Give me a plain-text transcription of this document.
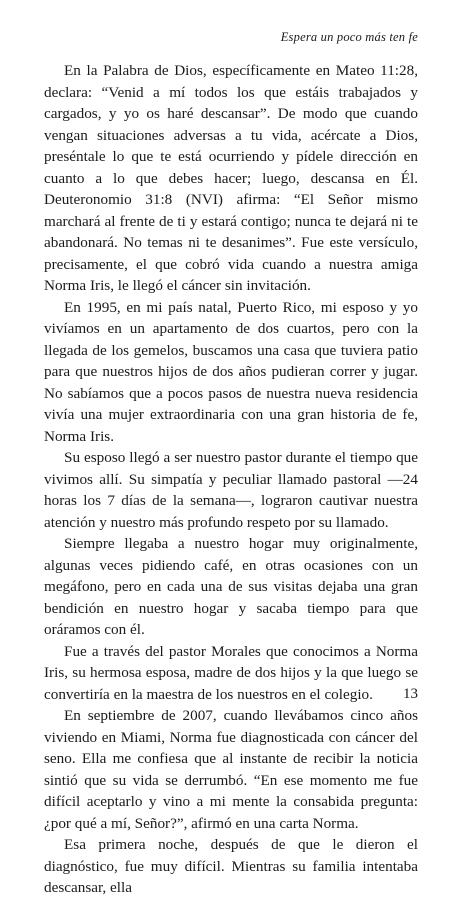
Espera un poco más ten fe

En la Palabra de Dios, específicamente en Mateo 11:28, declara: “Venid a mí todos los que estáis trabajados y cargados, y yo os haré descansar”. De modo que cuando vengan situaciones adversas a tu vida, acércate a Dios, preséntale lo que te está ocurriendo y pídele dirección en cuanto a lo que debes hacer; luego, descansa en Él. Deuteronomio 31:8 (NVI) afirma: “El Señor mismo marchará al frente de ti y estará contigo; nunca te dejará ni te abandonará. No temas ni te desanimes”. Fue este versículo, precisamente, el que cobró vida cuando a nuestra amiga Norma Iris, le llegó el cáncer sin invitación.

En 1995, en mi país natal, Puerto Rico, mi esposo y yo vivíamos en un apartamento de dos cuartos, pero con la llegada de los gemelos, buscamos una casa que tuviera patio para que nuestros hijos de dos años pudieran correr y jugar. No sabíamos que a pocos pasos de nuestra nueva residencia vivía una mujer extraordinaria con una gran historia de fe, Norma Iris.

Su esposo llegó a ser nuestro pastor durante el tiempo que vivimos allí. Su simpatía y peculiar llamado pastoral —24 horas los 7 días de la semana—, lograron cautivar nuestra atención y nuestro más profundo respeto por su llamado.

Siempre llegaba a nuestro hogar muy originalmente, algunas veces pidiendo café, en otras ocasiones con un megáfono, pero en cada una de sus visitas dejaba una gran bendición en nuestro hogar y sacaba tiempo para que oráramos con él.

Fue a través del pastor Morales que conocimos a Norma Iris, su hermosa esposa, madre de dos hijos y la que luego se convertiría en la maestra de los nuestros en el colegio.

En septiembre de 2007, cuando llevábamos cinco años viviendo en Miami, Norma fue diagnosticada con cáncer del seno. Ella me confiesa que al instante de recibir la noticia sintió que su vida se derrumbó. “En ese momento me fue difícil aceptarlo y vino a mi mente la consabida pregunta: ¿por qué a mí, Señor?”, afirmó en una carta Norma.

Esa primera noche, después de que le dieron el diagnóstico, fue muy difícil. Mientras su familia intentaba descansar, ella

13
